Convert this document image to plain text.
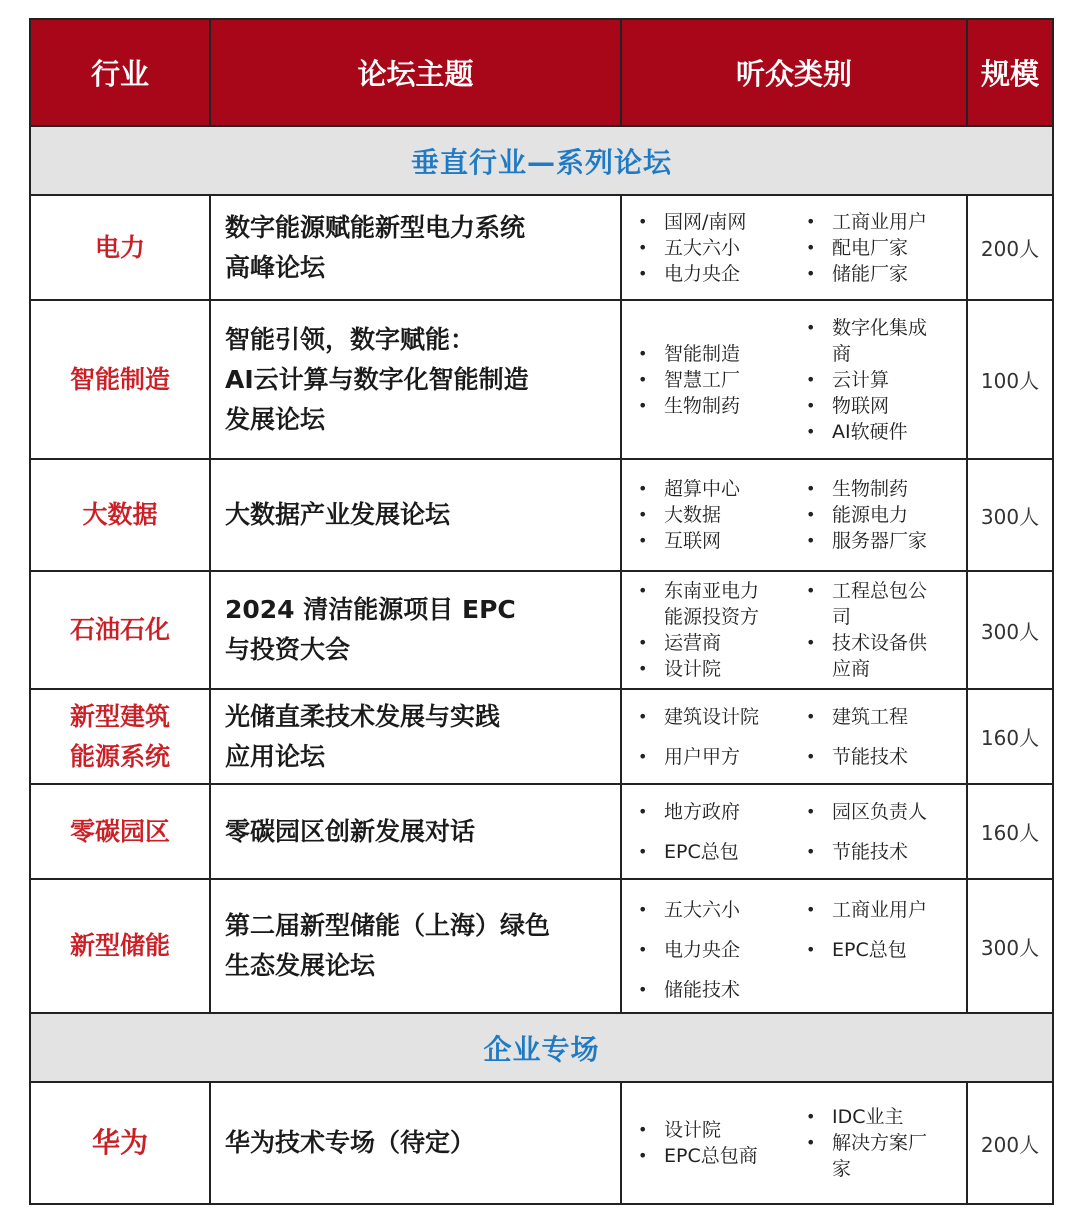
行业	论坛主题	听众类别	规模
垂直行业—系列论坛
电力
数字能源赋能新型电力系统
高峰论坛
• 国网/南网
• 五大六小
• 电力央企
• 工商业用户
• 配电厂家
• 储能厂家
200人
智能制造
智能引领，数字赋能：
AI云计算与数字化智能制造
发展论坛
• 智能制造
• 智慧工厂
• 生物制药
• 数字化集成商
• 云计算
• 物联网
• AI软硬件
100人
大数据	大数据产业发展论坛
• 超算中心
• 大数据
• 互联网
• 生物制药
• 能源电力
• 服务器厂家
300人
石油石化
2024 清洁能源项目 EPC
与投资大会
• 东南亚电力能源投资方
• 运营商
• 设计院
• 工程总包公司
• 技术设备供应商
300人
新型建筑
能源系统
光储直柔技术发展与实践
应用论坛
• 建筑设计院
• 用户甲方
• 建筑工程
• 节能技术
160人
零碳园区 零碳园区创新发展对话
• 地方政府
• EPC总包
• 园区负责人
• 节能技术
160人
新型储能
第二届新型储能（上海）绿色
生态发展论坛
• 五大六小
• 电力央企
• 储能技术
• 工商业用户
• EPC总包	300人
企业专场
华为	华为技术专场（待定）
•	设计院
• EPC总包商
• IDC业主
• 解决方案厂家
200人
